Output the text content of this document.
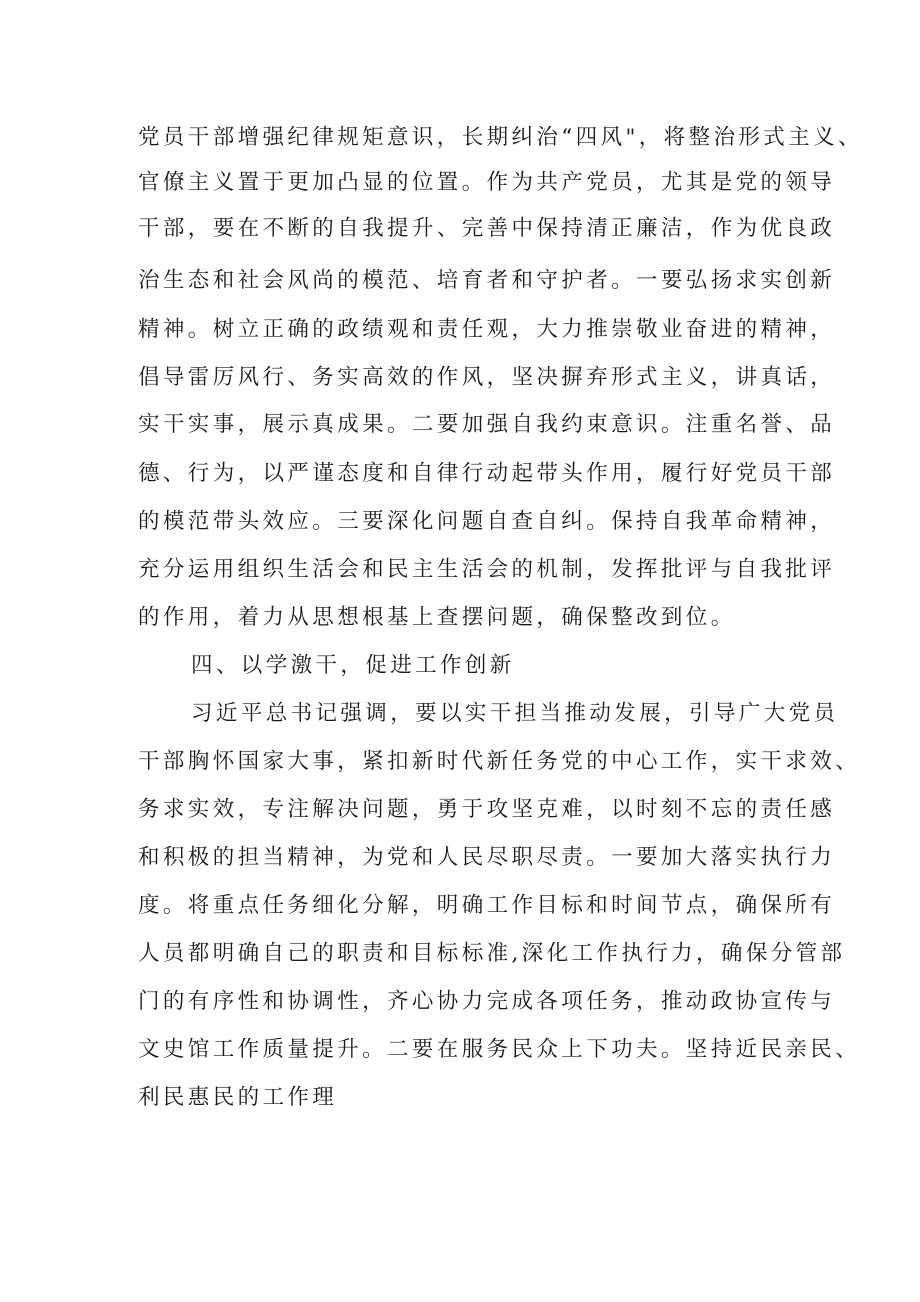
党员干部增强纪律规矩意识，长期纠治“四风"，将整治形式主义、
官僚主义置于更加凸显的位置。作为共产党员，尤其是党的领导
干部，要在不断的自我提升、完善中保持清正廉洁，作为优良政
治生态和社会风尚的模范、培育者和守护者。一要弘扬求实创新
精神。树立正确的政绩观和责任观，大力推崇敬业奋进的精神，
倡导雷厉风行、务实高效的作风，坚决摒弃形式主义，讲真话，
实干实事，展示真成果。二要加强自我约束意识。注重名誉、品
德、行为，以严谨态度和自律行动起带头作用，履行好党员干部
的模范带头效应。三要深化问题自查自纠。保持自我革命精神，
充分运用组织生活会和民主生活会的机制，发挥批评与自我批评
的作用，着力从思想根基上查摆问题，确保整改到位。
四、以学激干，促进工作创新
习近平总书记强调，要以实干担当推动发展，引导广大党员
干部胸怀国家大事，紧扣新时代新任务党的中心工作，实干求效、
务求实效，专注解决问题，勇于攻坚克难，以时刻不忘的责任感
和积极的担当精神，为党和人民尽职尽责。一要加大落实执行力
度。将重点任务细化分解，明确工作目标和时间节点，确保所有
人员都明确自己的职责和目标标准,深化工作执行力，确保分管部
门的有序性和协调性，齐心协力完成各项任务，推动政协宣传与
文史馆工作质量提升。二要在服务民众上下功夫。坚持近民亲民、
利民惠民的工作理
